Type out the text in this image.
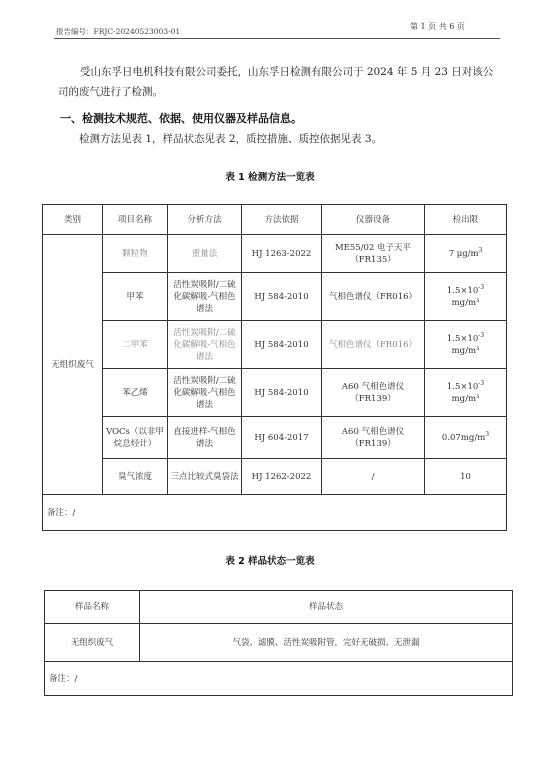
报告编号：FRJC-20240523003-01
第 1 页 共 6 页
受山东孚日电机科技有限公司委托，山东孚日检测有限公司于 2024 年 5 月 23 日对该公司的废气进行了检测。
一、检测技术规范、依据、使用仪器及样品信息。
检测方法见表 1，样品状态见表 2，质控措施、质控依据见表 3。
表 1 检测方法一览表
类别	项目名称	分析方法	方法依据	仪器设备	检出限
无组织废气	颗粒物	重量法	HJ 1263-2022	ME55/02 电子天平（FR135）	7 $\mu g/m^3$
	甲苯	活性炭吸附/二硫化碳解吸-气相色谱法	HJ 584-2010	气相色谱仪（FR016）	$1.5\times 10^{-3}$
mg/m³
	二甲苯	活性炭吸附/二硫化碳解吸-气相色谱法	HJ 584-2010	气相色谱仪（FR016）	$1.5\times 10^{-3}$
mg/m³
	苯乙烯	活性炭吸附/二硫化碳解吸-气相色谱法	HJ 584-2010	A60 气相色谱仪（FR139）	$1.5\times 10^{-3}$
mg/m³
	VOCs（以非甲烷总烃计）	直接进样-气相色谱法	HJ 604-2017	A60 气相色谱仪（FR139）	$0.07mg/m^3$
	臭气浓度	三点比较式臭袋法	HJ 1262-2022	/	10
备注：/					
表 2 样品状态一览表
样品名称	样品状态
无组织废气	气袋、滤膜、活性炭吸附管，完好无破损、无泄漏
备注：/	
